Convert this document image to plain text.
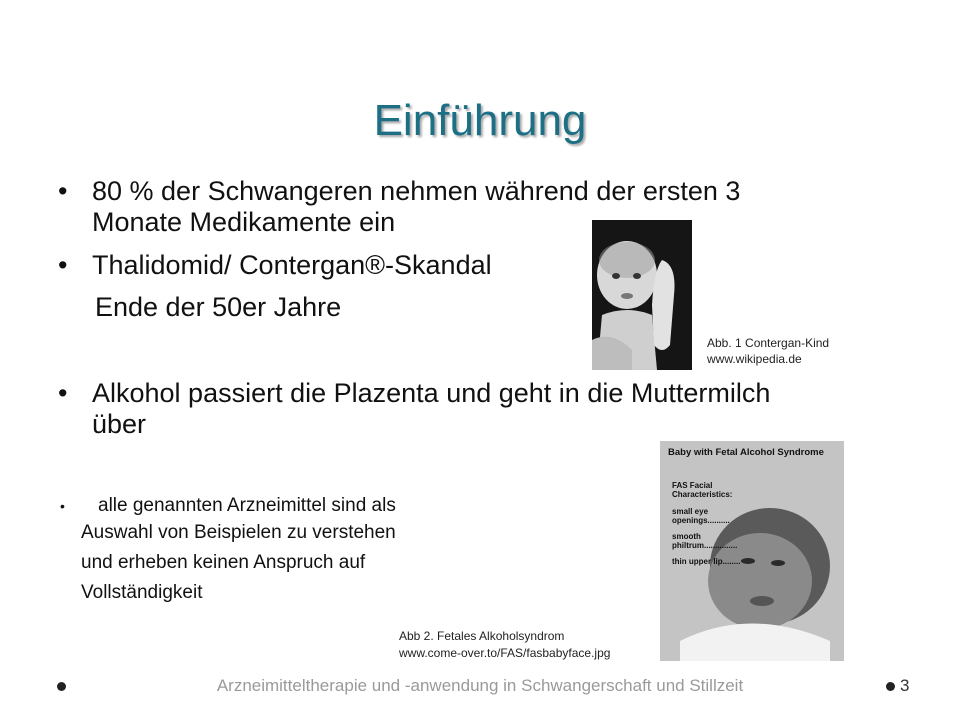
Einführung
• 80 % der Schwangeren nehmen während der ersten 3
Monate Medikamente ein
• Thalidomid/ Contergan®-Skandal
Ende der 50er Jahre
Abb. 1 Contergan-Kind
www.wikipedia.de
• Alkohol passiert die Plazenta und geht in die Muttermilch
über
• alle genannten Arzneimittel sind als
Auswahl von Beispielen zu verstehen
und erheben keinen Anspruch auf
Vollständigkeit
Baby with Fetal Alcohol Syndrome
FAS Facial
Characteristics:
small eye
openings..........
smooth
philtrum...............
thin upper lip........
Abb 2. Fetales Alkoholsyndrom
www.come-over.to/FAS/fasbabyface.jpg
Arzneimitteltherapie und -anwendung in Schwangerschaft und Stillzeit	3
